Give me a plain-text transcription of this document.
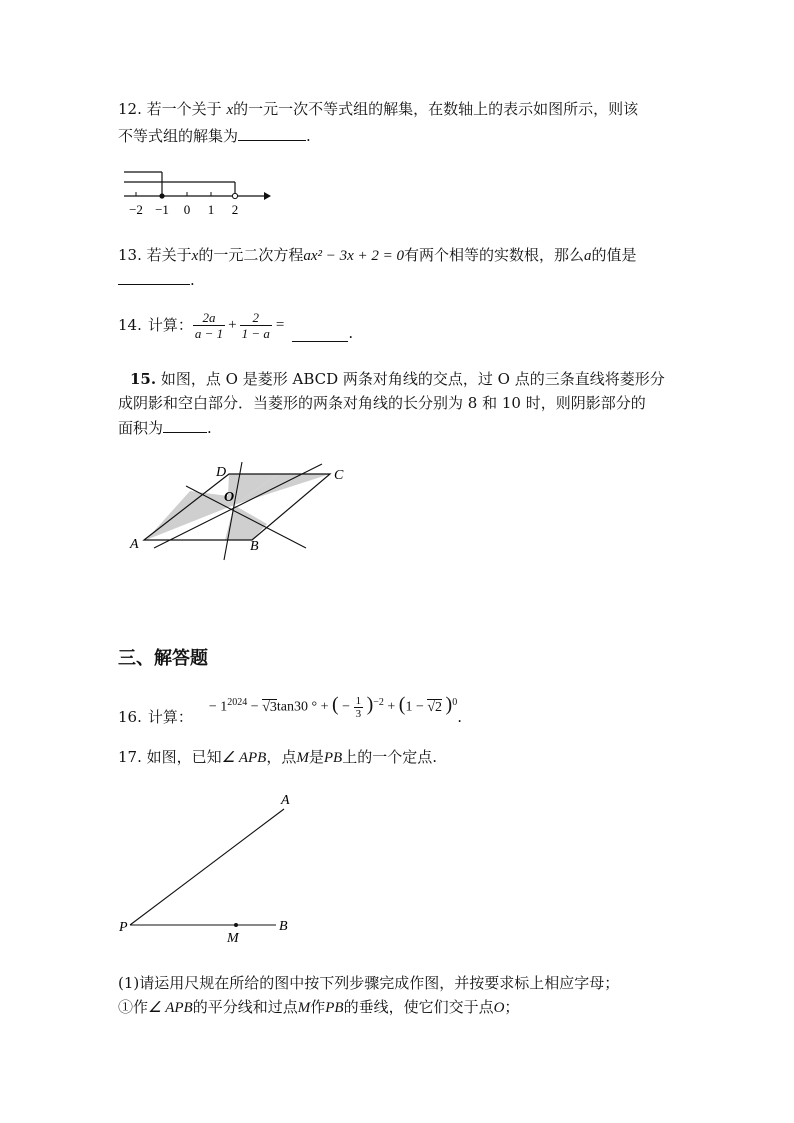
12. 若一个关于 x的一元一次不等式组的解集，在数轴上的表示如图所示，则该
不等式组的解集为	.
−2 −1 0 1 2
13. 若关于x的一元二次方程ax² − 3x + 2 = 0有两个相等的实数根，那么a的值是
.
14. 计算： $\frac{2a}{a - 1} + \frac{2}{1 - a}$ =	.
15. 如图，点 O 是菱形 ABCD 两条对角线的交点，过 O 点的三条直线将菱形分
成阴影和空白部分．当菱形的两条对角线的长分别为 8 和 10 时，则阴影部分的
面积为	.
A	B
C
D
O
三、解答题
16. 计算：
− $1^{2024} - √3\tan 30$ ° + ( − $\frac{1}{3} )^{-2} + (1 - √2$ )$^0$
.
17. 如图，已知∠ APB，点M是PB上的一个定点.
A
P
M
B
(1)请运用尺规在所给的图中按下列步骤完成作图，并按要求标上相应字母；
①作∠ APB的平分线和过点M作PB的垂线，使它们交于点O；
